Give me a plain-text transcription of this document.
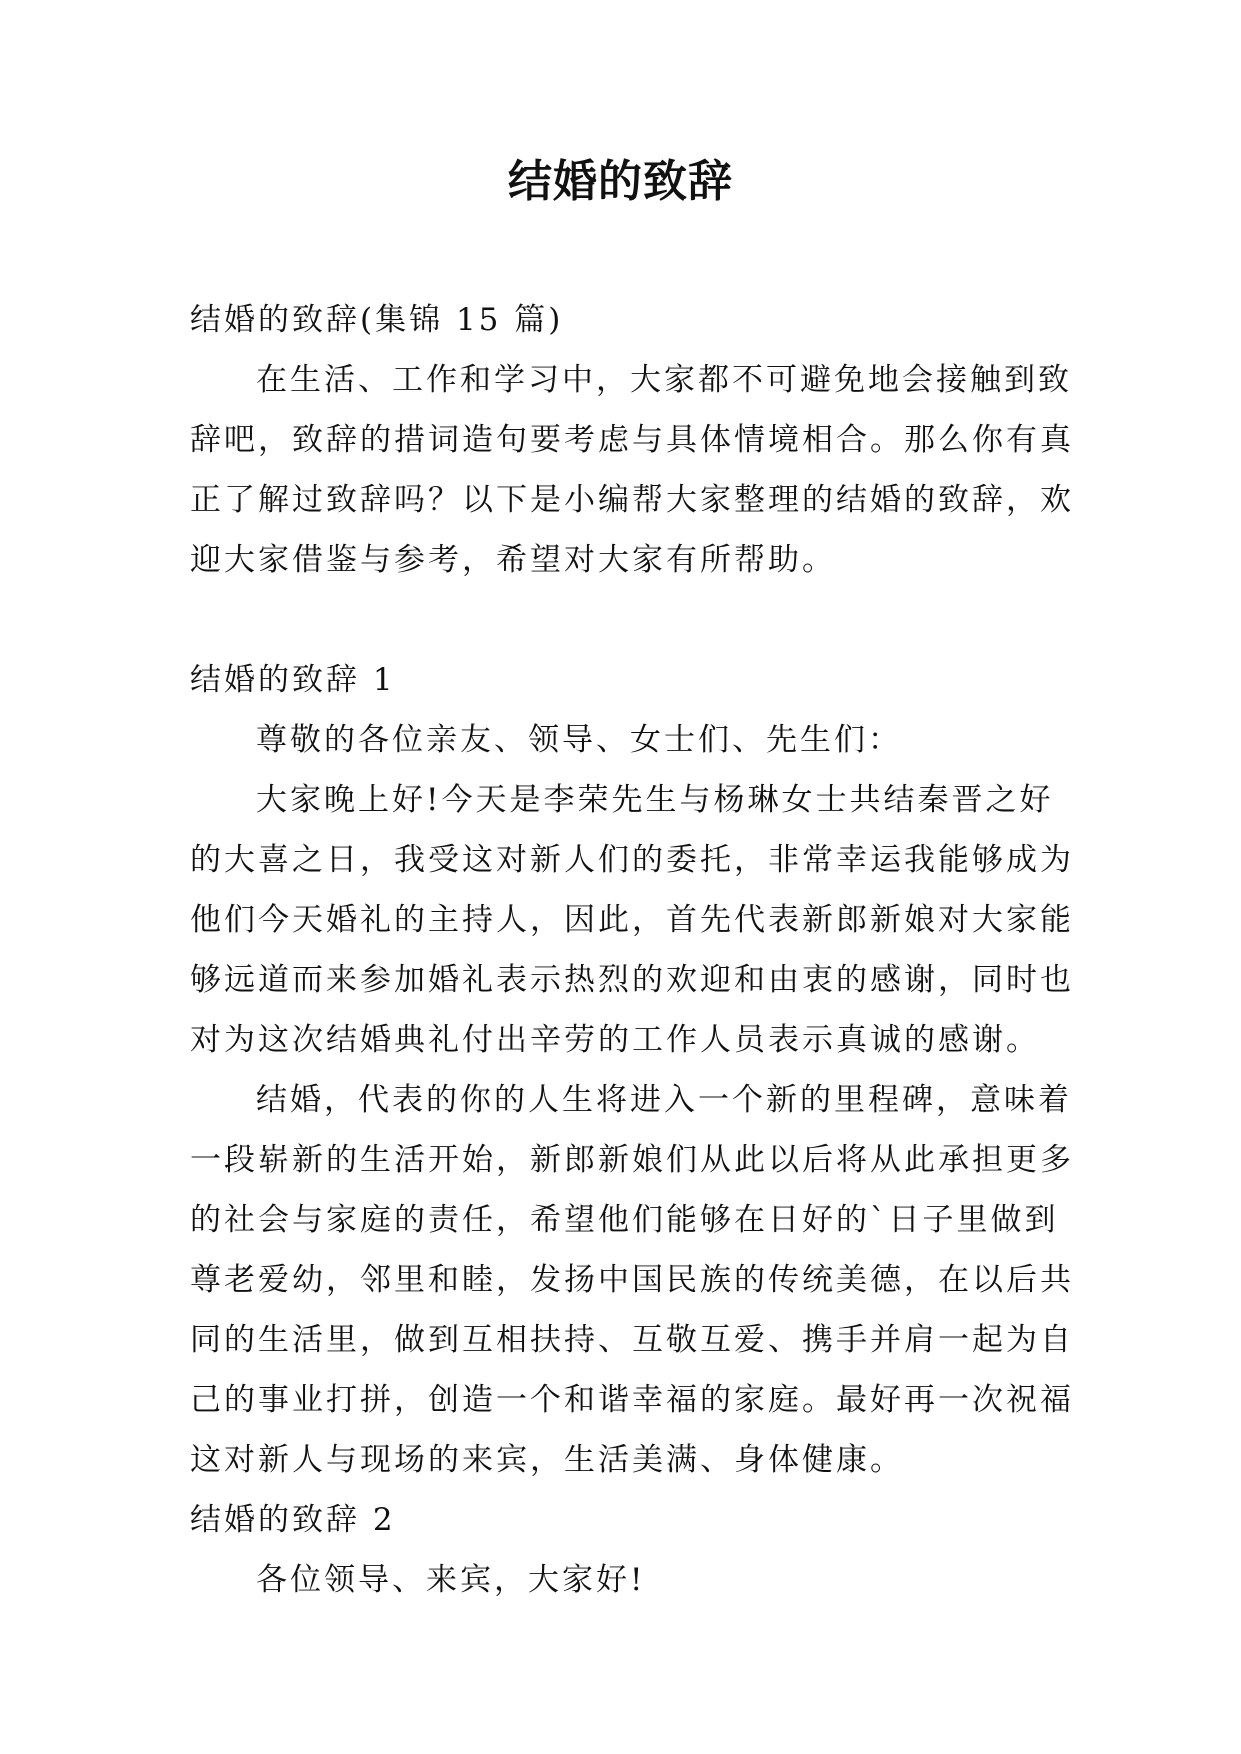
结婚的致辞
结婚的致辞(集锦 15 篇)
在生活、工作和学习中，大家都不可避免地会接触到致
辞吧，致辞的措词造句要考虑与具体情境相合。那么你有真
正了解过致辞吗？以下是小编帮大家整理的结婚的致辞，欢
迎大家借鉴与参考，希望对大家有所帮助。
结婚的致辞 1
尊敬的各位亲友、领导、女士们、先生们：
大家晚上好!今天是李荣先生与杨琳女士共结秦晋之好
的大喜之日，我受这对新人们的委托，非常幸运我能够成为
他们今天婚礼的主持人，因此，首先代表新郎新娘对大家能
够远道而来参加婚礼表示热烈的欢迎和由衷的感谢，同时也
对为这次结婚典礼付出辛劳的工作人员表示真诚的感谢。
结婚，代表的你的人生将进入一个新的里程碑，意味着
一段崭新的生活开始，新郎新娘们从此以后将从此承担更多
的社会与家庭的责任，希望他们能够在日好的`日子里做到
尊老爱幼，邻里和睦，发扬中国民族的传统美德，在以后共
同的生活里，做到互相扶持、互敬互爱、携手并肩一起为自
己的事业打拼，创造一个和谐幸福的家庭。最好再一次祝福
这对新人与现场的来宾，生活美满、身体健康。
结婚的致辞 2
各位领导、来宾，大家好!
